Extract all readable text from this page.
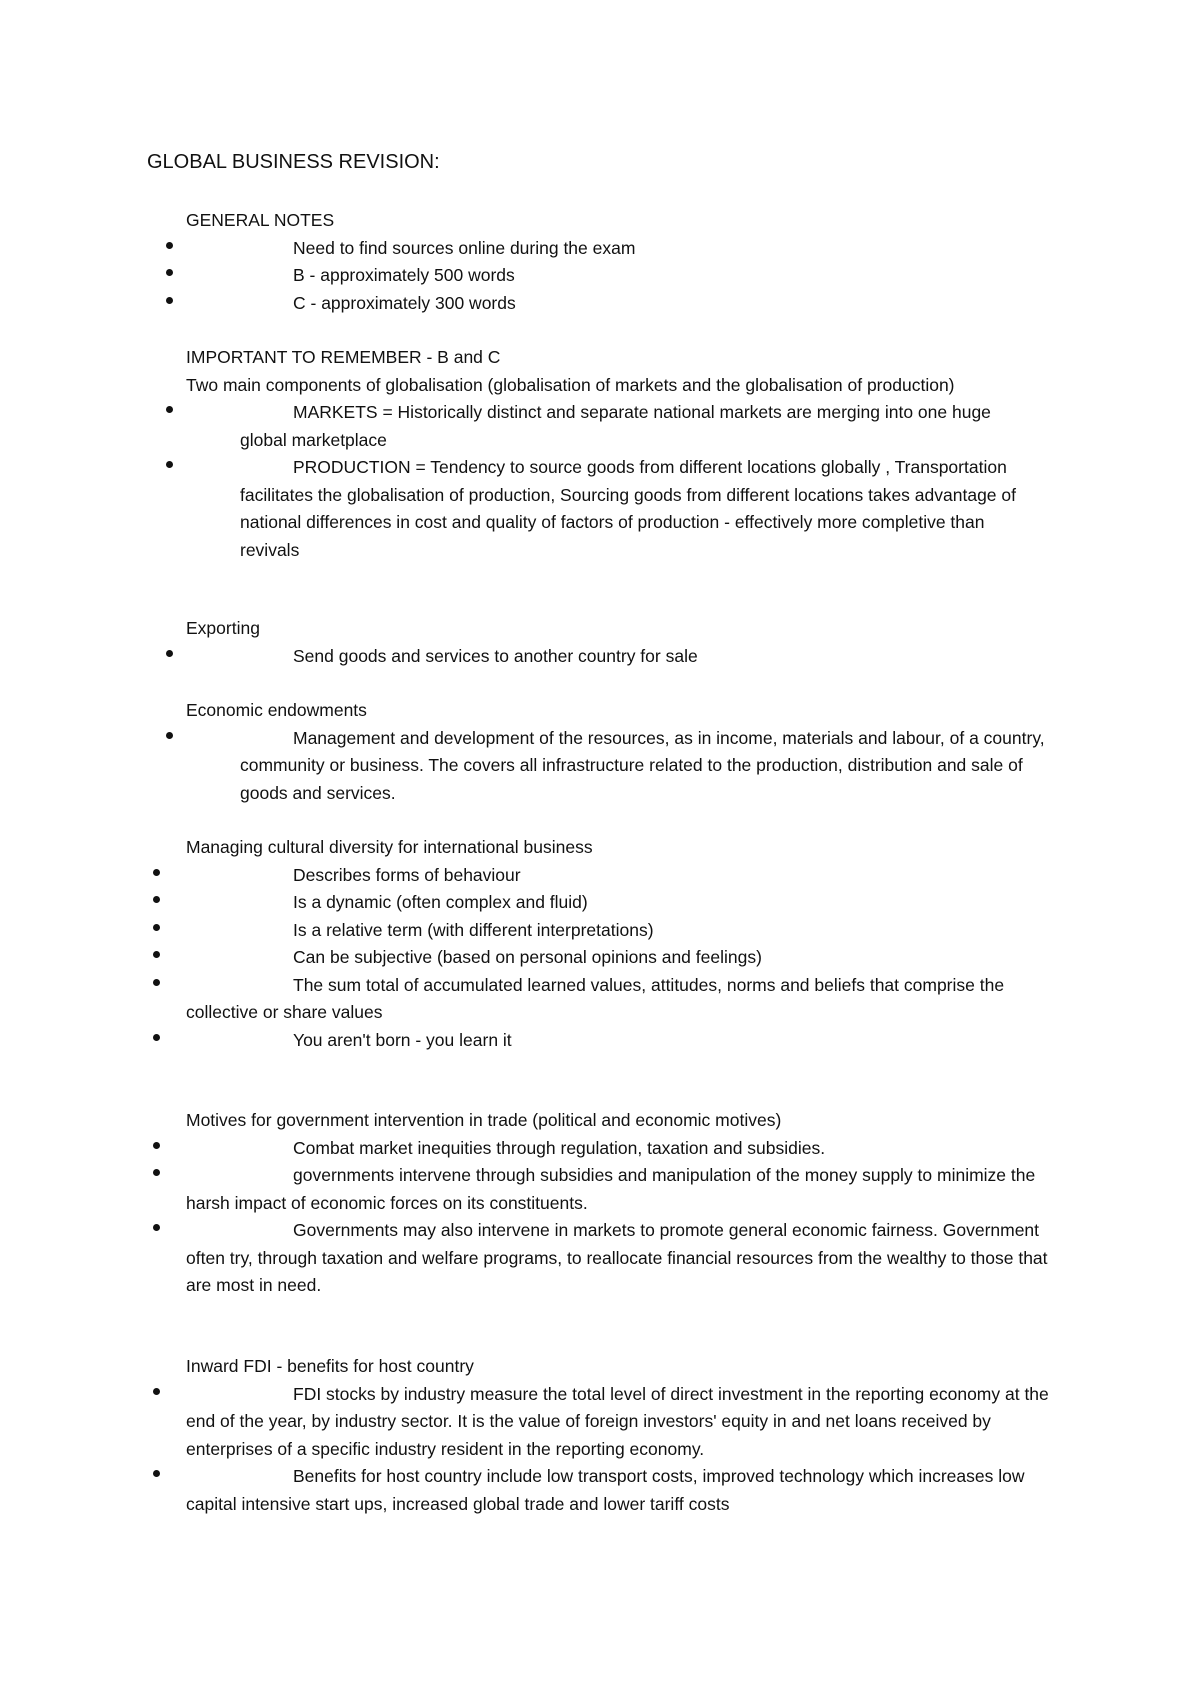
GLOBAL BUSINESS REVISION:

GENERAL NOTES

Need to find sources online during the exam
B - approximately 500 words
C - approximately 300 words

IMPORTANT TO REMEMBER - B and C

Two main components of globalisation (globalisation of markets and the globalisation of production)

MARKETS = Historically distinct and separate national markets are merging into one huge global marketplace
PRODUCTION = Tendency to source goods from different locations globally , Transportation facilitates the globalisation of production, Sourcing goods from different locations takes advantage of national differences in cost and quality of factors of production - effectively more completive than revivals

Exporting

Send goods and services to another country for sale

Economic endowments

Management and development of the resources, as in income, materials and labour, of a country, community or business. The covers all infrastructure related to the production, distribution and sale of goods and services.

Managing cultural diversity for international business

Describes forms of behaviour
Is a dynamic (often complex and fluid)
Is a relative term (with different interpretations)
Can be subjective (based on personal opinions and feelings)
The sum total of accumulated learned values, attitudes, norms and beliefs that comprise the collective or share values
You aren't born - you learn it

Motives for government intervention in trade (political and economic motives)

Combat market inequities through regulation, taxation and subsidies.
governments intervene through subsidies and manipulation of the money supply to minimize the harsh impact of economic forces on its constituents.
Governments may also intervene in markets to promote general economic fairness. Government often try, through taxation and welfare programs, to reallocate financial resources from the wealthy to those that are most in need.

Inward FDI - benefits for host country

FDI stocks by industry measure the total level of direct investment in the reporting economy at the end of the year, by industry sector. It is the value of foreign investors' equity in and net loans received by enterprises of a specific industry resident in the reporting economy.
Benefits for host country include low transport costs, improved technology which increases low capital intensive start ups, increased global trade and lower tariff costs
